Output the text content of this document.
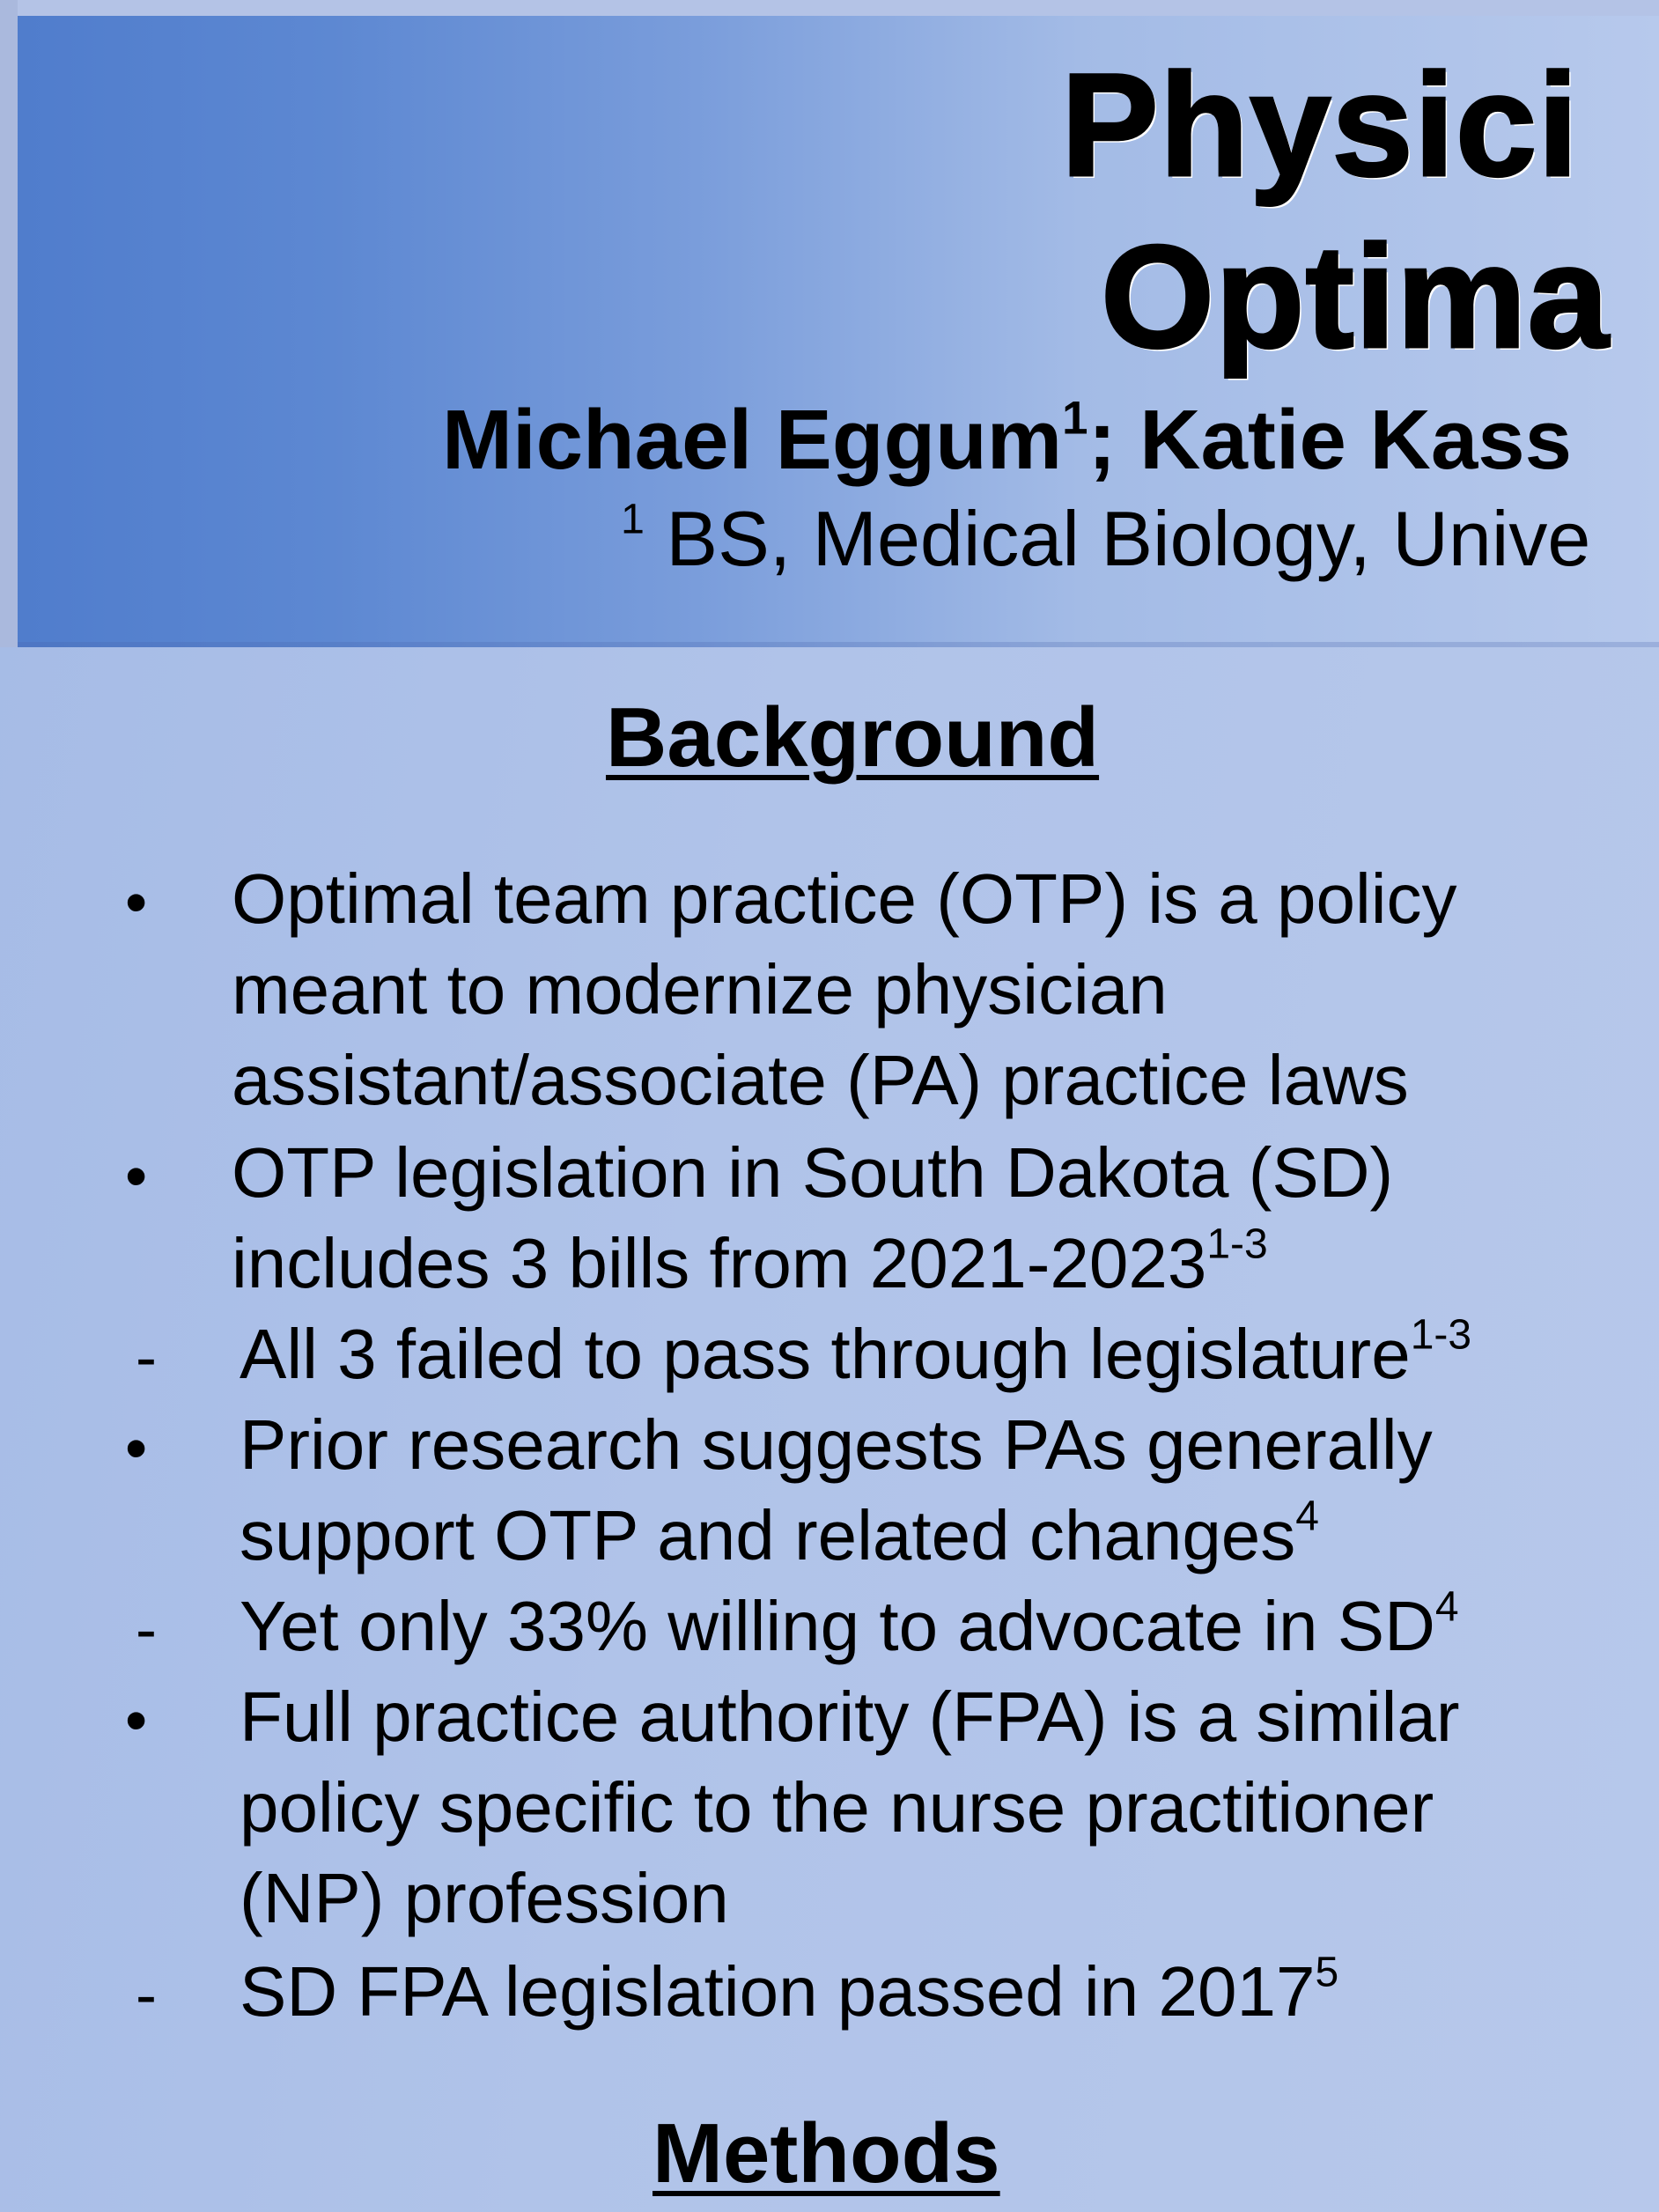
Physici
Optima
Michael Eggum$^1$; Katie Kass
$^1$ BS, Medical Biology, Unive
Background
• Optimal team practice (OTP) is a policy
meant to modernize physician
assistant/associate (PA) practice laws
• OTP legislation in South Dakota (SD)
includes 3 bills from 2021-2023$^{1-3}$
- All 3 failed to pass through legislature$^{1-3}$
• Prior research suggests PAs generally
support OTP and related changes$^4$
- Yet only 33% willing to advocate in $SD^4$
• Full practice authority (FPA) is a similar
policy specific to the nurse practitioner
(NP) profession
- SD FPA legislation passed in 2017$^5$
Methods
